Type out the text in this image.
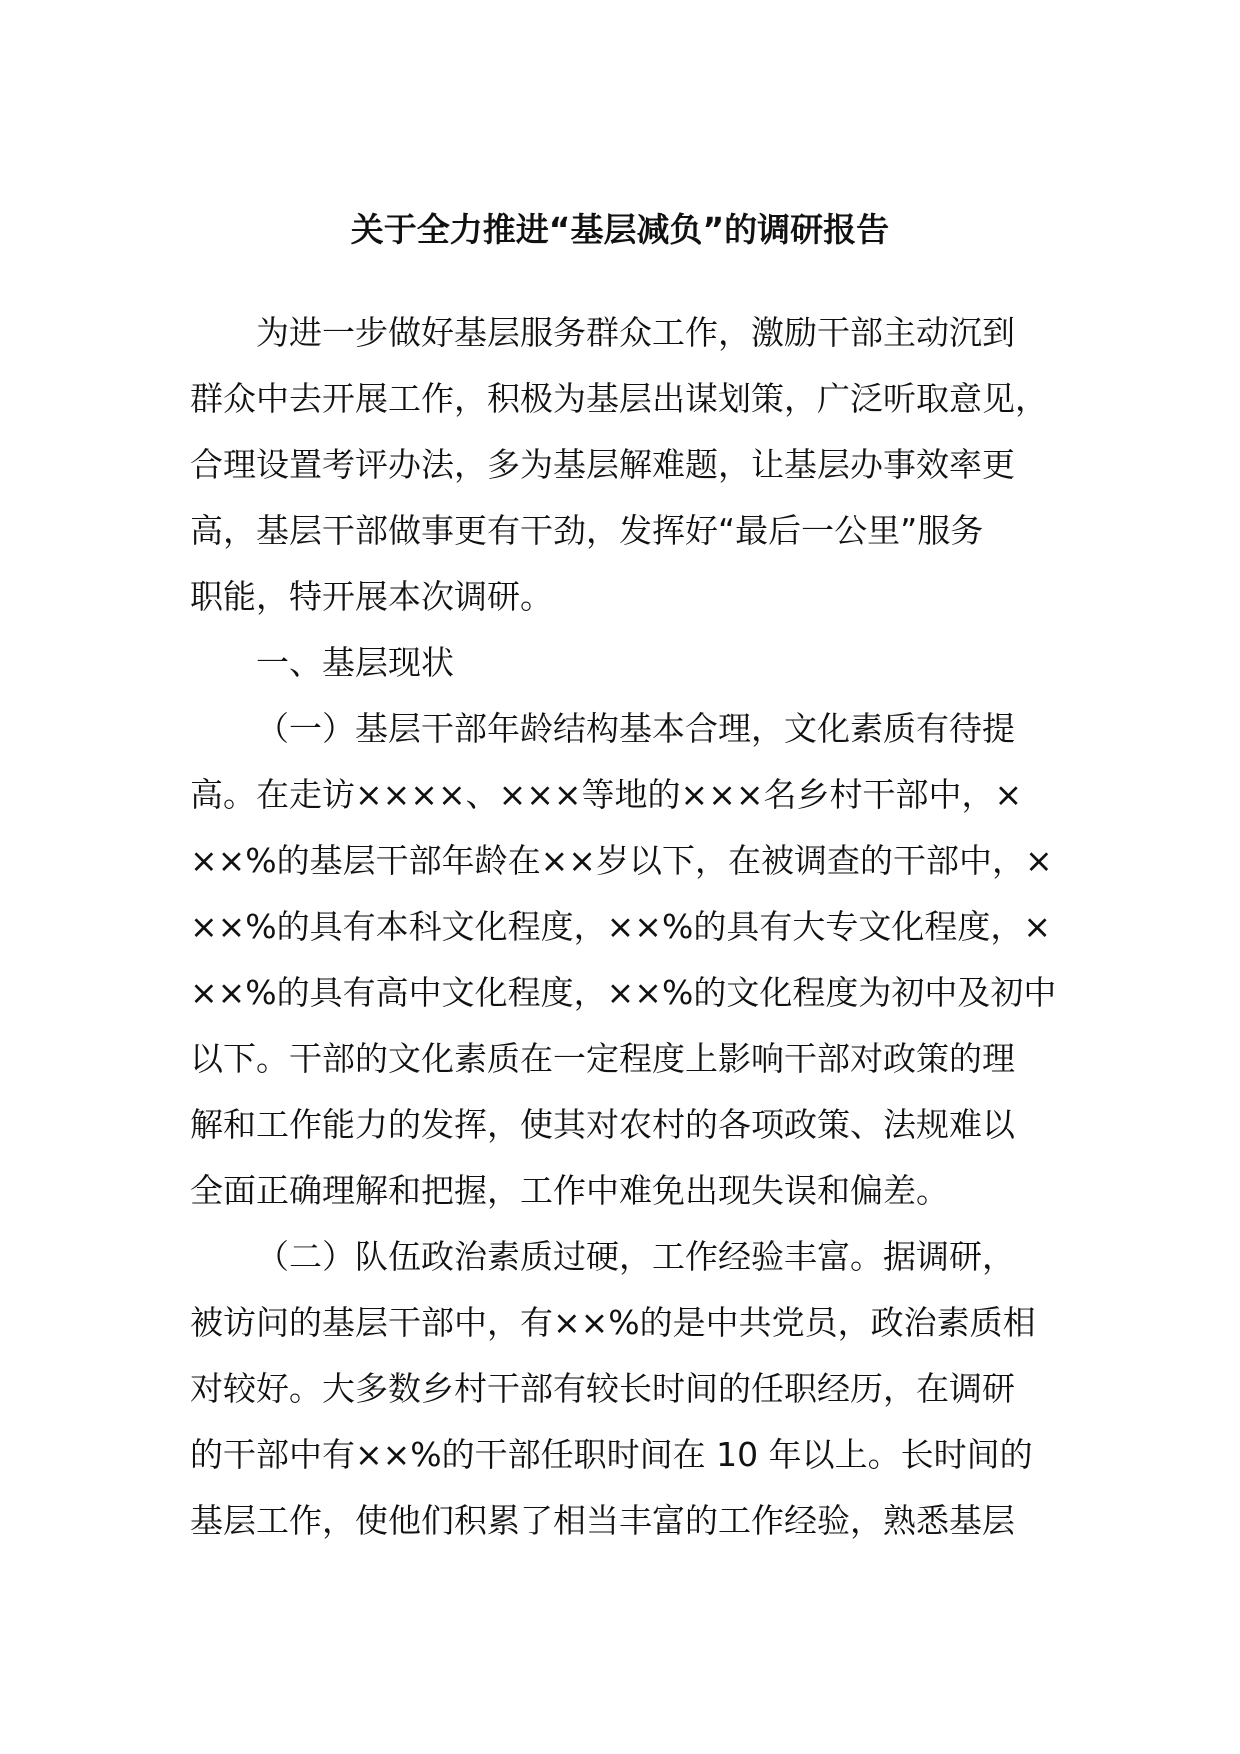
关于全力推进“基层减负”的调研报告

为进一步做好基层服务群众工作，激励干部主动沉到

群众中去开展工作，积极为基层出谋划策，广泛听取意见，

合理设置考评办法，多为基层解难题，让基层办事效率更

高，基层干部做事更有干劲，发挥好“最后一公里”服务

职能，特开展本次调研。

一、基层现状

（一）基层干部年龄结构基本合理，文化素质有待提

高。在走访××××、×××等地的×××名乡村干部中，×

××%的基层干部年龄在××岁以下，在被调查的干部中，×

××%的具有本科文化程度，××%的具有大专文化程度，×

××%的具有高中文化程度，××%的文化程度为初中及初中

以下。干部的文化素质在一定程度上影响干部对政策的理

解和工作能力的发挥，使其对农村的各项政策、法规难以

全面正确理解和把握，工作中难免出现失误和偏差。

（二）队伍政治素质过硬，工作经验丰富。据调研，

被访问的基层干部中，有××%的是中共党员，政治素质相

对较好。大多数乡村干部有较长时间的任职经历，在调研

的干部中有××%的干部任职时间在 10 年以上。长时间的

基层工作，使他们积累了相当丰富的工作经验，熟悉基层
